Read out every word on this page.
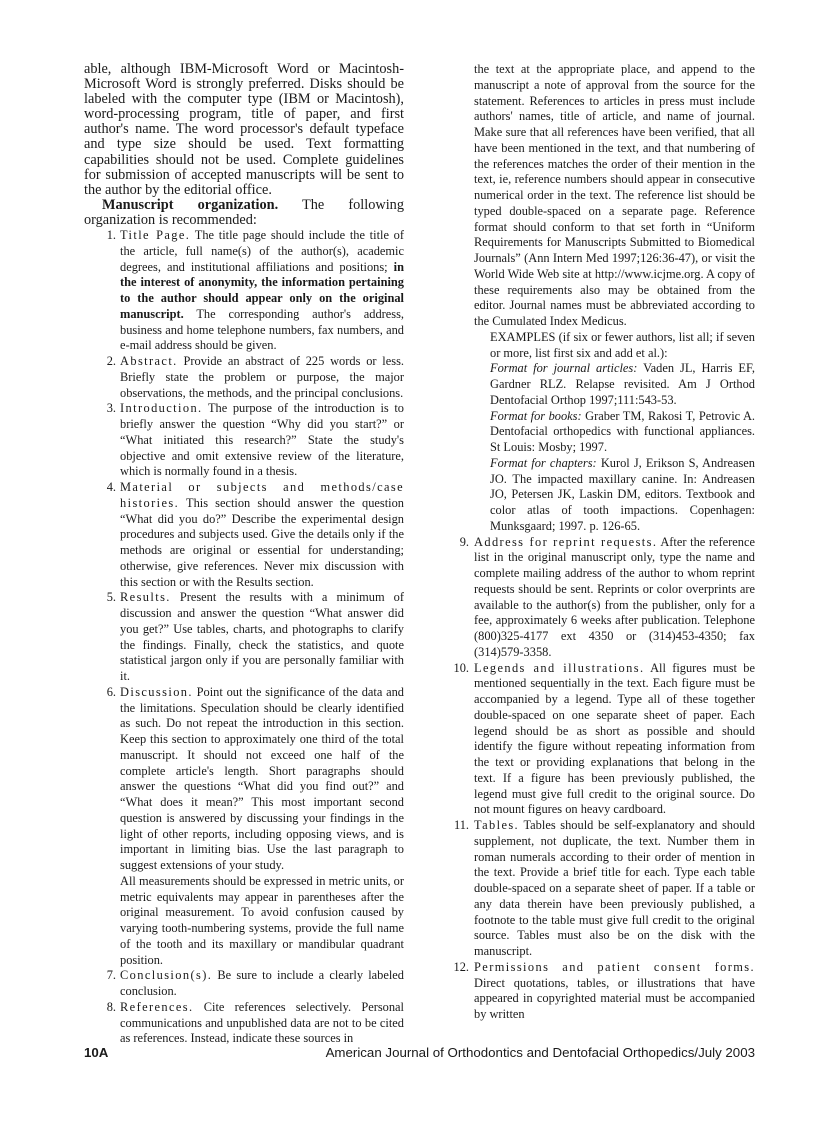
able, although IBM-Microsoft Word or Macintosh-Microsoft Word is strongly preferred. Disks should be labeled with the computer type (IBM or Macintosh), word-processing program, title of paper, and first author's name. The word processor's default typeface and type size should be used. Text formatting capabilities should not be used. Complete guidelines for submission of accepted manuscripts will be sent to the author by the editorial office.

Manuscript organization. The following organization is recommended:

1. Title Page. The title page should include the title of the article, full name(s) of the author(s), academic degrees, and institutional affiliations and positions; in the interest of anonymity, the information pertaining to the author should appear only on the original manuscript. The corresponding author's address, business and home telephone numbers, fax numbers, and e-mail address should be given.
2. Abstract. Provide an abstract of 225 words or less. Briefly state the problem or purpose, the major observations, the methods, and the principal conclusions.
3. Introduction. The purpose of the introduction is to briefly answer the question “Why did you start?” or “What initiated this research?” State the study's objective and omit extensive review of the literature, which is normally found in a thesis.
4. Material or subjects and methods/case histories. This section should answer the question “What did you do?” Describe the experimental design procedures and subjects used. Give the details only if the methods are original or essential for understanding; otherwise, give references. Never mix discussion with this section or with the Results section.
5. Results. Present the results with a minimum of discussion and answer the question “What answer did you get?” Use tables, charts, and photographs to clarify the findings. Finally, check the statistics, and quote statistical jargon only if you are personally familiar with it.
6. Discussion. Point out the significance of the data and the limitations. Speculation should be clearly identified as such. Do not repeat the introduction in this section. Keep this section to approximately one third of the total manuscript. It should not exceed one half of the complete article's length. Short paragraphs should answer the questions “What did you find out?” and “What does it mean?” This most important second question is answered by discussing your findings in the light of other reports, including opposing views, and is important in limiting bias. Use the last paragraph to suggest extensions of your study.

All measurements should be expressed in metric units, or metric equivalents may appear in parentheses after the original measurement. To avoid confusion caused by varying tooth-numbering systems, provide the full name of the tooth and its maxillary or mandibular quadrant position.

7. Conclusion(s). Be sure to include a clearly labeled conclusion.
8. References. Cite references selectively. Personal communications and unpublished data are not to be cited as references. Instead, indicate these sources in

the text at the appropriate place, and append to the manuscript a note of approval from the source for the statement. References to articles in press must include authors' names, title of article, and name of journal. Make sure that all references have been verified, that all have been mentioned in the text, and that numbering of the references matches the order of their mention in the text, ie, reference numbers should appear in consecutive numerical order in the text. The reference list should be typed double-spaced on a separate page. Reference format should conform to that set forth in “Uniform Requirements for Manuscripts Submitted to Biomedical Journals” (Ann Intern Med 1997;126:36-47), or visit the World Wide Web site at http://www.icjme.org. A copy of these requirements also may be obtained from the editor. Journal names must be abbreviated according to the Cumulated Index Medicus.

EXAMPLES (if six or fewer authors, list all; if seven or more, list first six and add et al.):

Format for journal articles: Vaden JL, Harris EF, Gardner RLZ. Relapse revisited. Am J Orthod Dentofacial Orthop 1997;111:543-53.

Format for books: Graber TM, Rakosi T, Petrovic A. Dentofacial orthopedics with functional appliances. St Louis: Mosby; 1997.

Format for chapters: Kurol J, Erikson S, Andreasen JO. The impacted maxillary canine. In: Andreasen JO, Petersen JK, Laskin DM, editors. Textbook and color atlas of tooth impactions. Copenhagen: Munksgaard; 1997. p. 126-65.

9. Address for reprint requests. After the reference list in the original manuscript only, type the name and complete mailing address of the author to whom reprint requests should be sent. Reprints or color overprints are available to the author(s) from the publisher, only for a fee, approximately 6 weeks after publication. Telephone (800)325-4177 ext 4350 or (314)453-4350; fax (314)579-3358.
10. Legends and illustrations. All figures must be mentioned sequentially in the text. Each figure must be accompanied by a legend. Type all of these together double-spaced on one separate sheet of paper. Each legend should be as short as possible and should identify the figure without repeating information from the text or providing explanations that belong in the text. If a figure has been previously published, the legend must give full credit to the original source. Do not mount figures on heavy cardboard.
11. Tables. Tables should be self-explanatory and should supplement, not duplicate, the text. Number them in roman numerals according to their order of mention in the text. Provide a brief title for each. Type each table double-spaced on a separate sheet of paper. If a table or any data therein have been previously published, a footnote to the table must give full credit to the original source. Tables must also be on the disk with the manuscript.
12. Permissions and patient consent forms. Direct quotations, tables, or illustrations that have appeared in copyrighted material must be accompanied by written
10A	American Journal of Orthodontics and Dentofacial Orthopedics/July 2003
